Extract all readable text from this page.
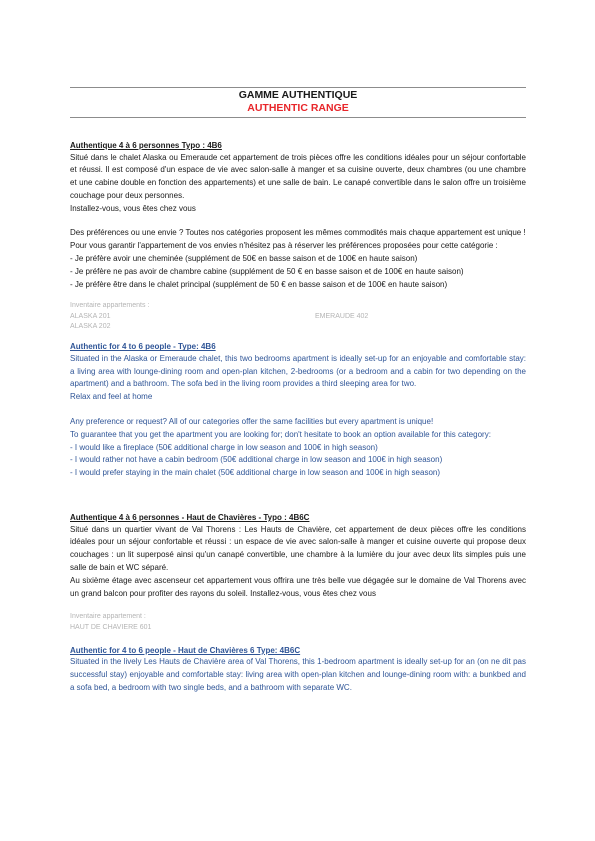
GAMME AUTHENTIQUE
AUTHENTIC RANGE
Authentique 4 à 6 personnes Typo : 4B6
Situé dans le chalet Alaska ou Emeraude cet appartement de trois pièces offre les conditions idéales pour un séjour confortable et réussi. Il est composé d'un espace de vie avec salon-salle à manger et sa cuisine ouverte, deux chambres (ou une chambre et une cabine double en fonction des appartements) et une salle de bain. Le canapé convertible dans le salon offre un troisième couchage pour deux personnes.
Installez-vous, vous êtes chez vous
Des préférences ou une envie ? Toutes nos catégories proposent les mêmes commodités mais chaque appartement est unique !
Pour vous garantir l'appartement de vos envies n'hésitez pas à réserver les préférences proposées pour cette catégorie :
- Je préfère avoir une cheminée (supplément de 50€ en basse saison et de 100€ en haute saison)
- Je préfère ne pas avoir de chambre cabine (supplément de 50 € en basse saison et de 100€ en haute saison)
- Je préfère être dans le chalet principal (supplément de 50 € en basse saison et de 100€ en haute saison)
Inventaire appartements :
ALASKA 201
ALASKA 202
EMERAUDE 402
Authentic for 4 to 6 people - Type: 4B6
Situated in the Alaska or Emeraude chalet, this two bedrooms apartment is ideally set-up for an enjoyable and comfortable stay: a living area with lounge-dining room and open-plan kitchen, 2-bedrooms (or a bedroom and a cabin for two depending on the apartment) and a bathroom. The sofa bed in the living room provides a third sleeping area for two.
Relax and feel at home
Any preference or request? All of our categories offer the same facilities but every apartment is unique!
To guarantee that you get the apartment you are looking for; don't hesitate to book an option available for this category:
- I would like a fireplace (50€ additional charge in low season and 100€ in high season)
- I would rather not have a cabin bedroom (50€ additional charge in low season and 100€ in high season)
- I would prefer staying in the main chalet (50€ additional charge in low season and 100€ in high season)
Authentique 4 à 6 personnes - Haut de Chavières - Typo : 4B6C
Situé dans un quartier vivant de Val Thorens : Les Hauts de Chavière, cet appartement de deux pièces offre les conditions idéales pour un séjour confortable et réussi : un espace de vie avec salon-salle à manger et cuisine ouverte qui propose deux couchages : un lit superposé ainsi qu'un canapé convertible, une chambre à la lumière du jour avec deux lits simples puis une salle de bain et WC séparé.
Au sixième étage avec ascenseur cet appartement vous offrira une très belle vue dégagée sur le domaine de Val Thorens avec un grand balcon pour profiter des rayons du soleil. Installez-vous, vous êtes chez vous
Inventaire appartement :
HAUT DE CHAVIERE 601
Authentic for 4 to 6 people - Haut de Chavières 6 Type: 4B6C
Situated in the lively Les Hauts de Chavière area of Val Thorens, this 1-bedroom apartment is ideally set-up for an (on ne dit pas successful stay) enjoyable and comfortable stay: living area with open-plan kitchen and lounge-dining room with: a bunkbed and a sofa bed, a bedroom with two single beds, and a bathroom with separate WC.
